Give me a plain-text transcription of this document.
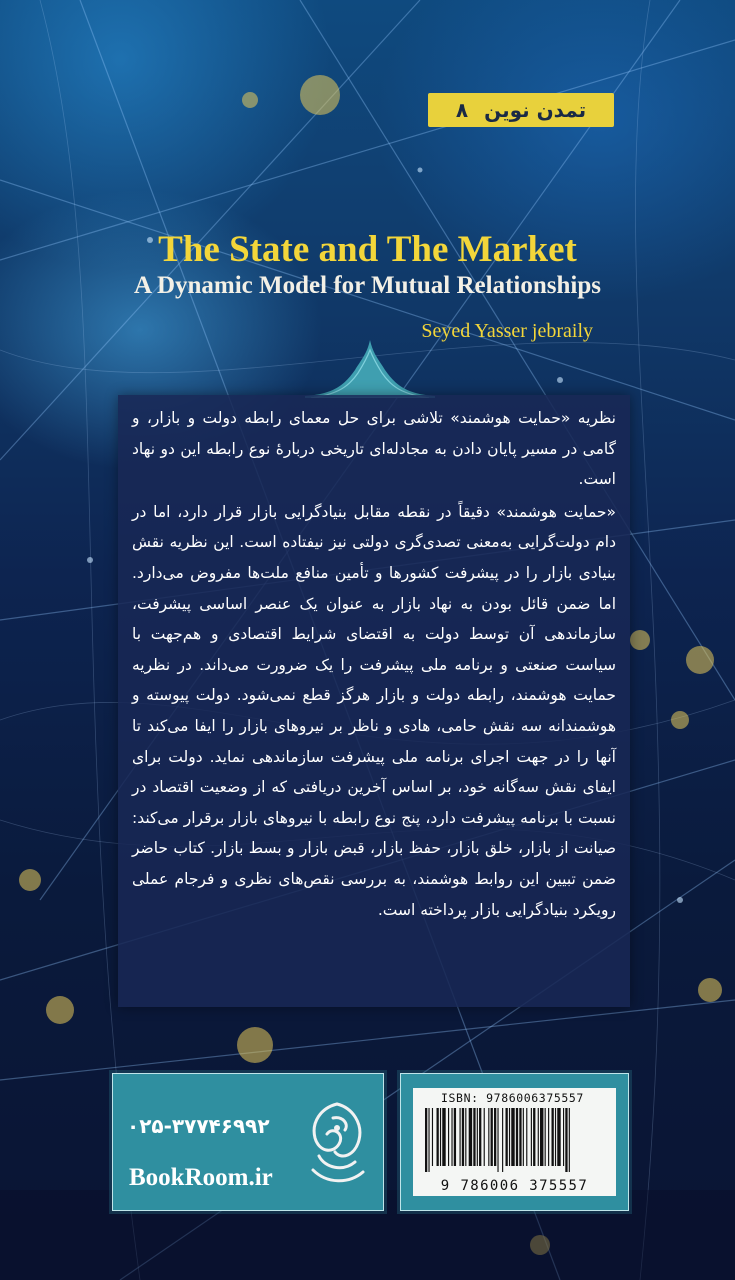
تمدن نوین
۸
The State and The Market
A Dynamic Model for Mutual Relationships
Seyed Yasser jebraily

نظریه «حمایت هوشمند» تلاشی برای حل معمای رابطه دولت و بازار، و گامی در مسیر پایان دادن به مجادله‌ای تاریخی دربارهٔ نوع رابطه این دو نهاد است.

«حمایت هوشمند» دقیقاً در نقطه مقابل بنیادگرایی بازار قرار دارد، اما در دام دولت‌گرایی به‌معنی تصدی‌گری دولتی نیز نیفتاده است. این نظریه نقش بنیادی بازار را در پیشرفت کشورها و تأمین منافع ملت‌ها مفروض می‌دارد. اما ضمن قائل بودن به نهاد بازار به عنوان یک عنصر اساسی پیشرفت، سازماندهی آن توسط دولت به اقتضای شرایط اقتصادی و هم‌جهت با سیاست صنعتی و برنامه ملی پیشرفت را یک ضرورت می‌داند. در نظریه حمایت هوشمند، رابطه دولت و بازار هرگز قطع نمی‌شود. دولت پیوسته و هوشمندانه سه نقش حامی، هادی و ناظر بر نیروهای بازار را ایفا می‌کند تا آنها را در جهت اجرای برنامه ملی پیشرفت سازماندهی نماید. دولت برای ایفای نقش سه‌گانه خود، بر اساس آخرین دریافتی که از وضعیت اقتصاد در نسبت با برنامه پیشرفت دارد، پنج نوع رابطه با نیروهای بازار برقرار می‌کند: صیانت از بازار، خلق بازار، حفظ بازار، قبض بازار و بسط بازار. کتاب حاضر ضمن تبیین این روابط هوشمند، به بررسی نقص‌های نظری و فرجام عملی رویکرد بنیادگرایی بازار پرداخته است.

۰۲۵-۳۷۷۴۶۹۹۲
BookRoom.ir
ISBN: 9786006375557
9 786006 375557
